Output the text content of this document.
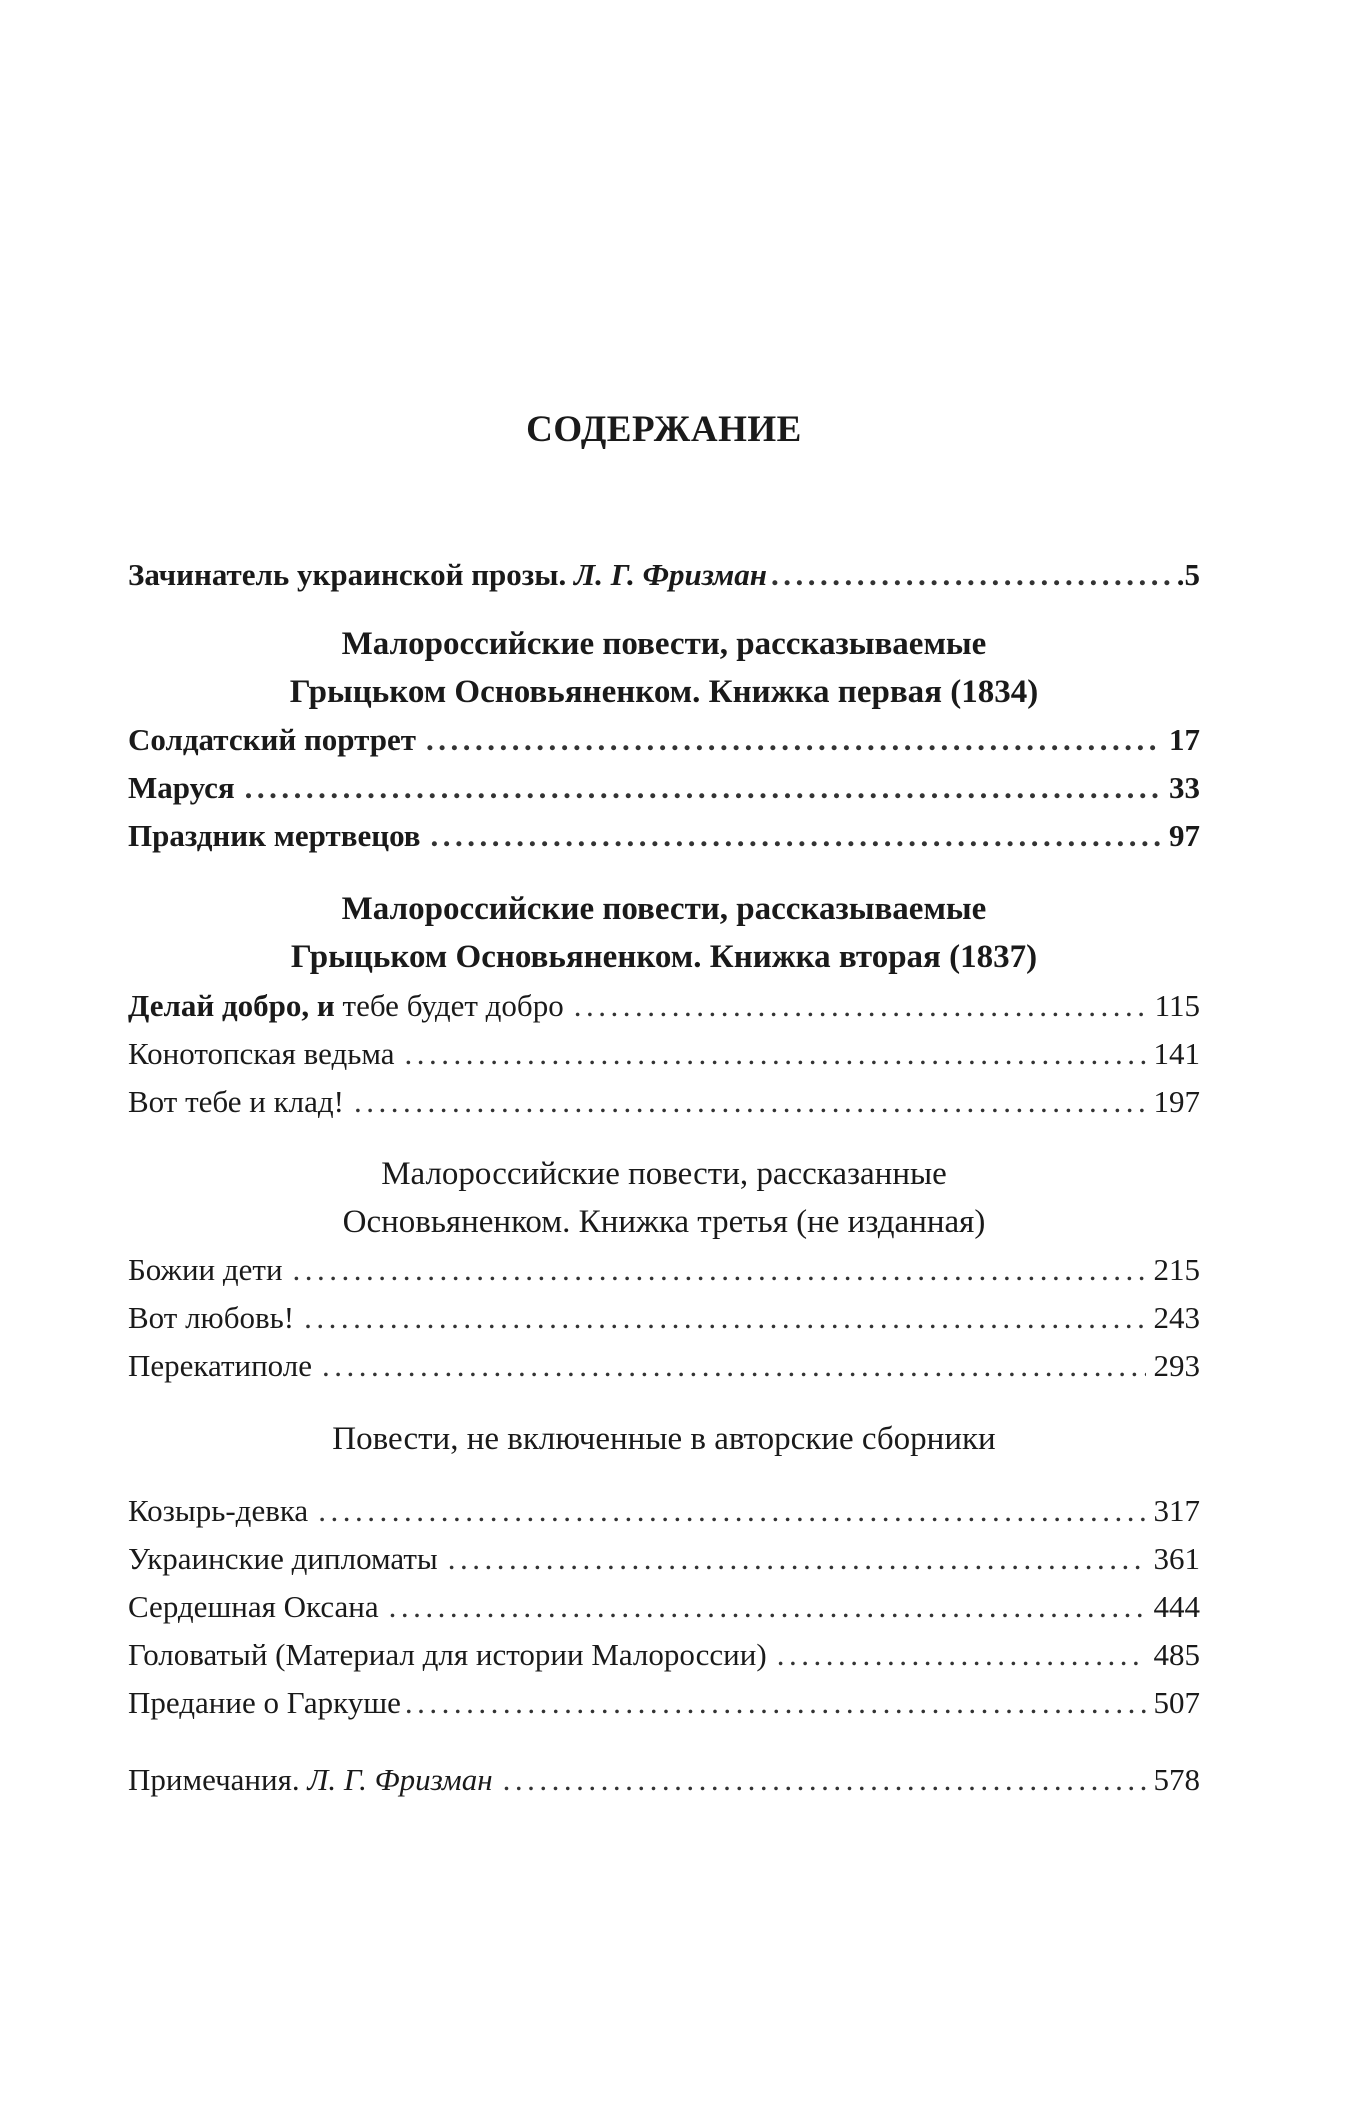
СОДЕРЖАНИЕ
Зачинатель украинской прозы. Л. Г. Фризман .....	.5
Малороссийские повести, рассказываемые
Грыцьком Основьяненком. Книжка первая (1834)
Солдатский портрет .....	17
Маруся .....	33
Праздник мертвецов .....	97
Малороссийские повести, рассказываемые
Грыцьком Основьяненком. Книжка вторая (1837)
Делай добро, и тебе будет добро .....	115
Конотопская ведьма .....	141
Вот тебе и клад! .....	197
Малороссийские повести, рассказанные
Основьяненком. Книжка третья (не изданная)
Божии дети .....	215
Вот любовь! .....	243
Перекатиполе .....	293
Повести, не включенные в авторские сборники
Козырь-девка .....	317
Украинские дипломаты .....	361
Сердешная Оксана .....	444
Головатый (Материал для истории Малороссии) .....	485
Предание о Гаркуше .....	507
Примечания. Л. Г. Фризман .....	578
